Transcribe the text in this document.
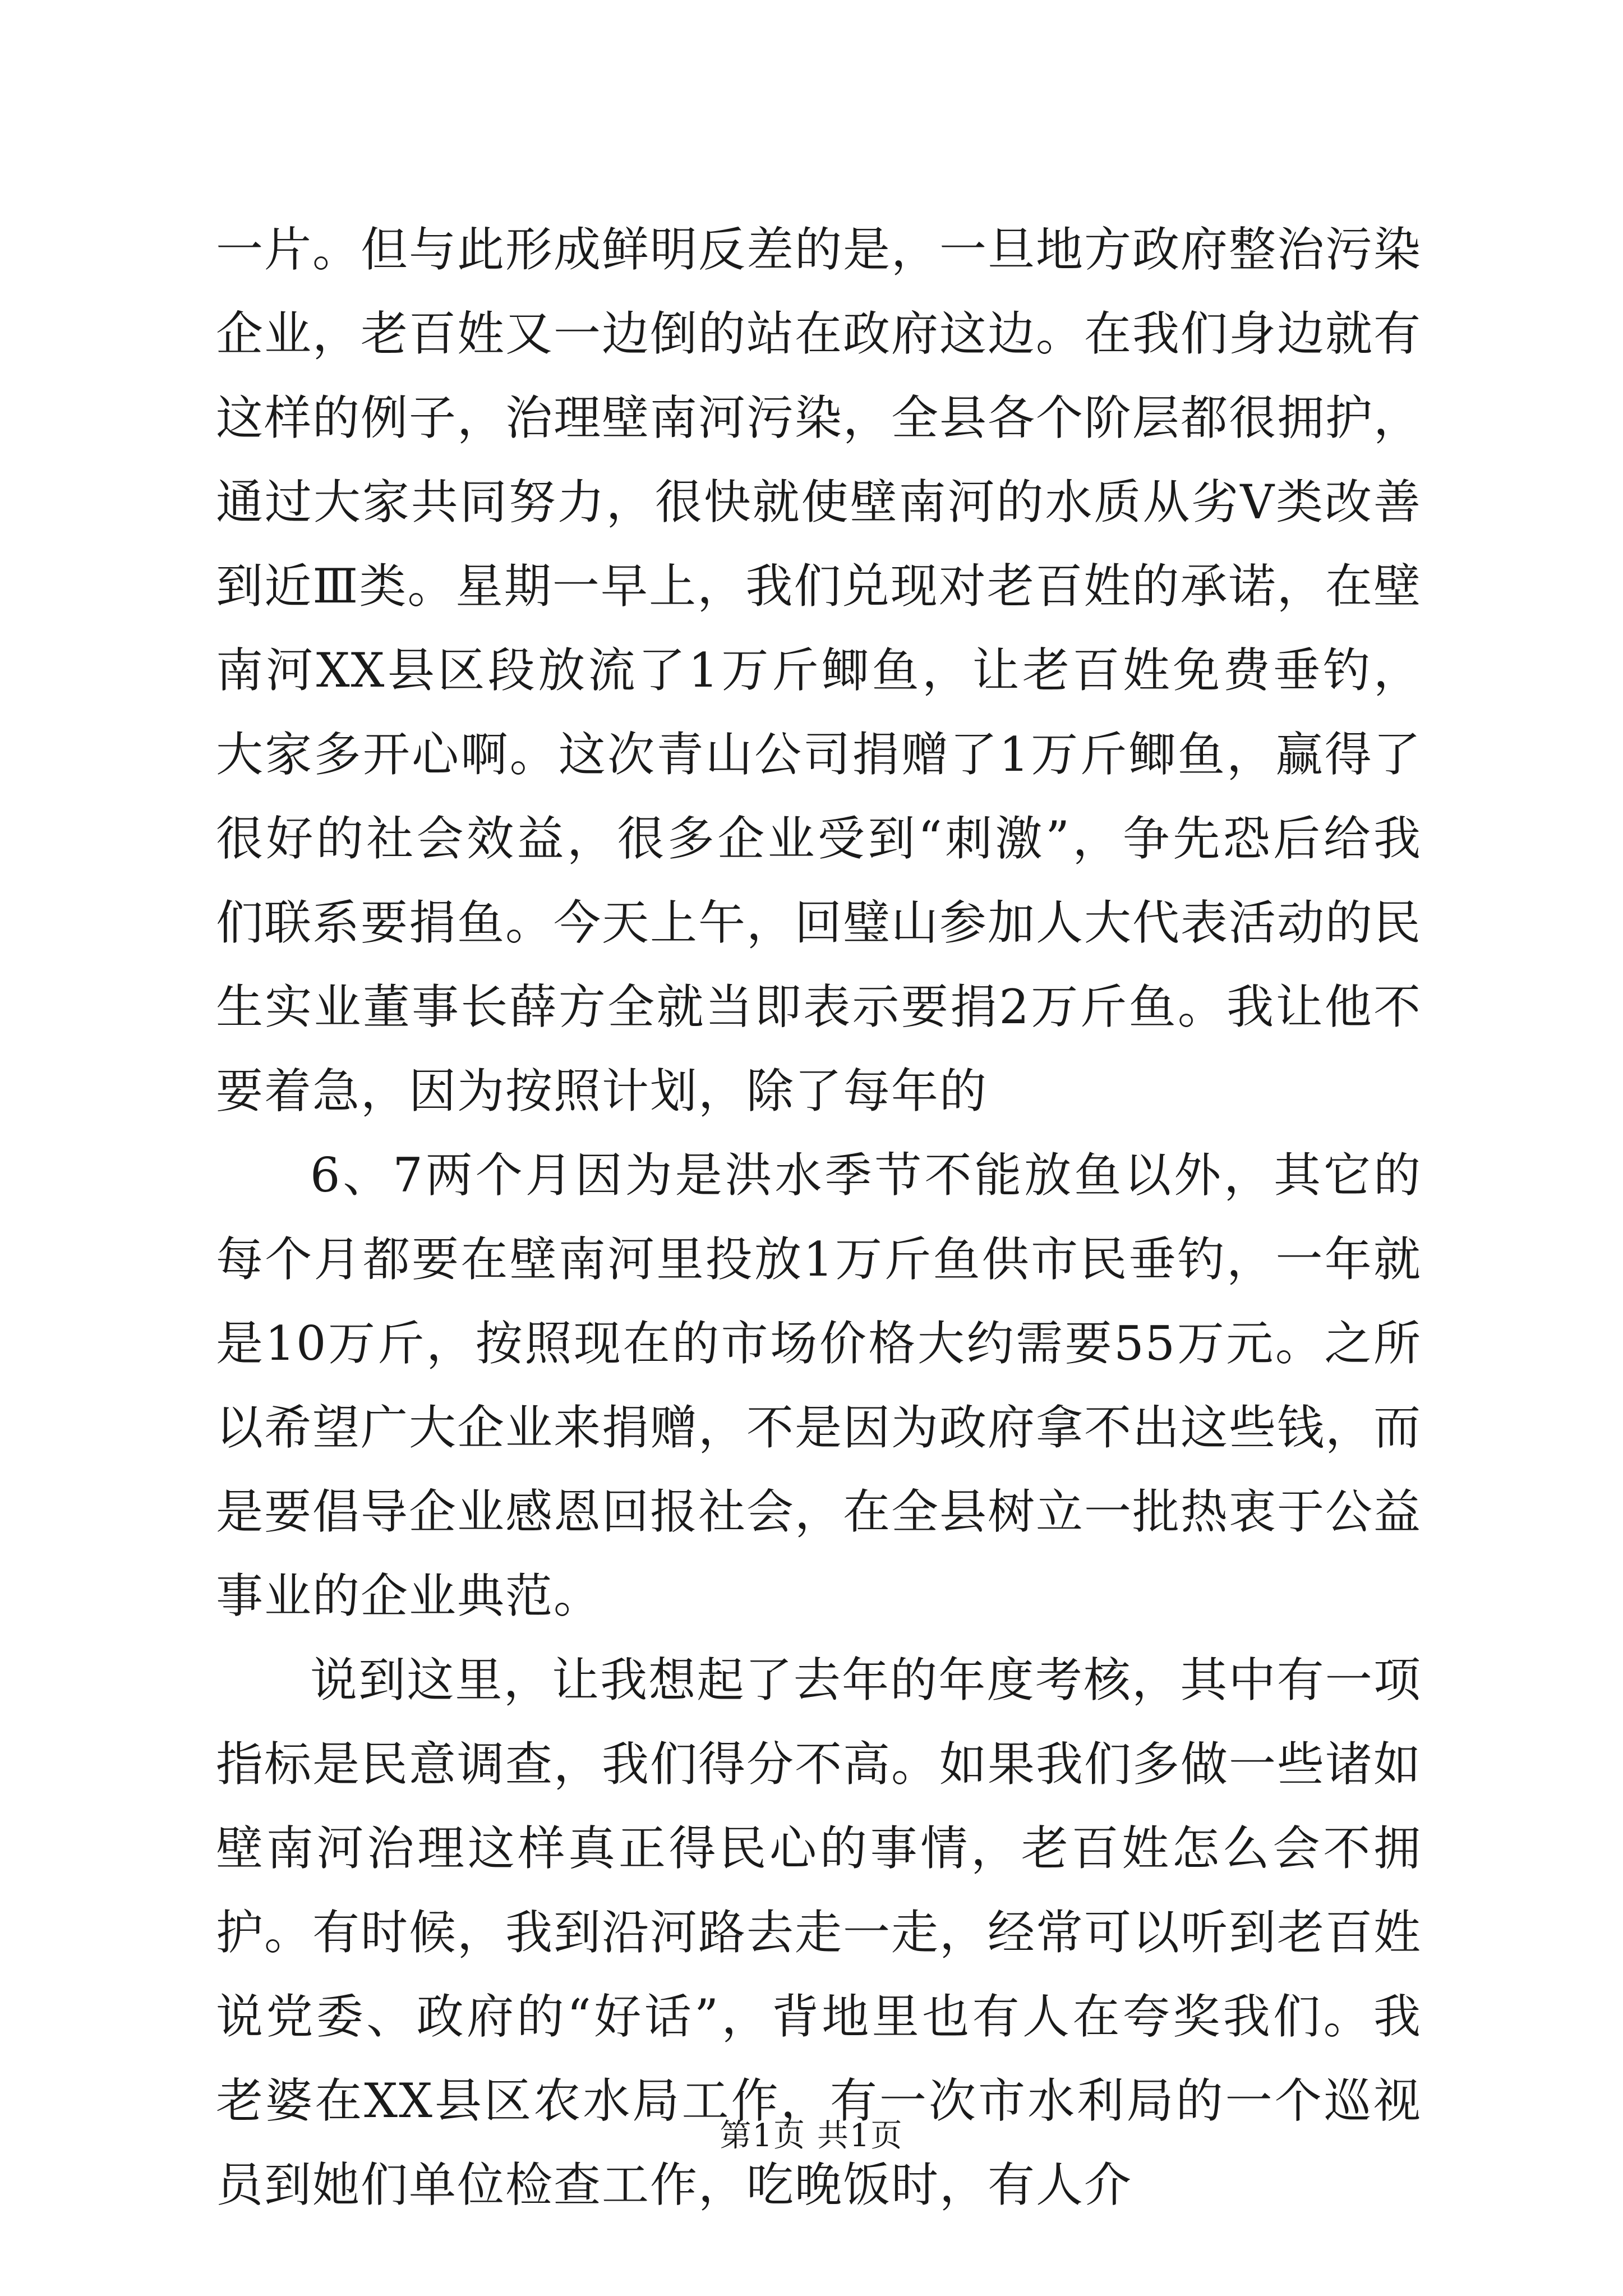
一片。但与此形成鲜明反差的是，一旦地方政府整治污染企业，老百姓又一边倒的站在政府这边。在我们身边就有这样的例子，治理壁南河污染，全县各个阶层都很拥护，通过大家共同努力，很快就使壁南河的水质从劣Ⅴ类改善到近Ⅲ类。星期一早上，我们兑现对老百姓的承诺，在壁南河XX县区段放流了1万斤鲫鱼，让老百姓免费垂钓，大家多开心啊。这次青山公司捐赠了1万斤鲫鱼，赢得了很好的社会效益，很多企业受到“刺激”，争先恐后给我们联系要捐鱼。今天上午，回璧山参加人大代表活动的民生实业董事长薛方全就当即表示要捐2万斤鱼。我让他不要着急，因为按照计划，除了每年的

6、7两个月因为是洪水季节不能放鱼以外，其它的每个月都要在壁南河里投放1万斤鱼供市民垂钓，一年就是10万斤，按照现在的市场价格大约需要55万元。之所以希望广大企业来捐赠，不是因为政府拿不出这些钱，而是要倡导企业感恩回报社会，在全县树立一批热衷于公益事业的企业典范。

说到这里，让我想起了去年的年度考核，其中有一项指标是民意调查，我们得分不高。如果我们多做一些诸如壁南河治理这样真正得民心的事情，老百姓怎么会不拥护。有时候，我到沿河路去走一走，经常可以听到老百姓说党委、政府的“好话”，背地里也有人在夸奖我们。我老婆在XX县区农水局工作，有一次市水利局的一个巡视员到她们单位检查工作，吃晚饭时，有人介

第1页 共1页
